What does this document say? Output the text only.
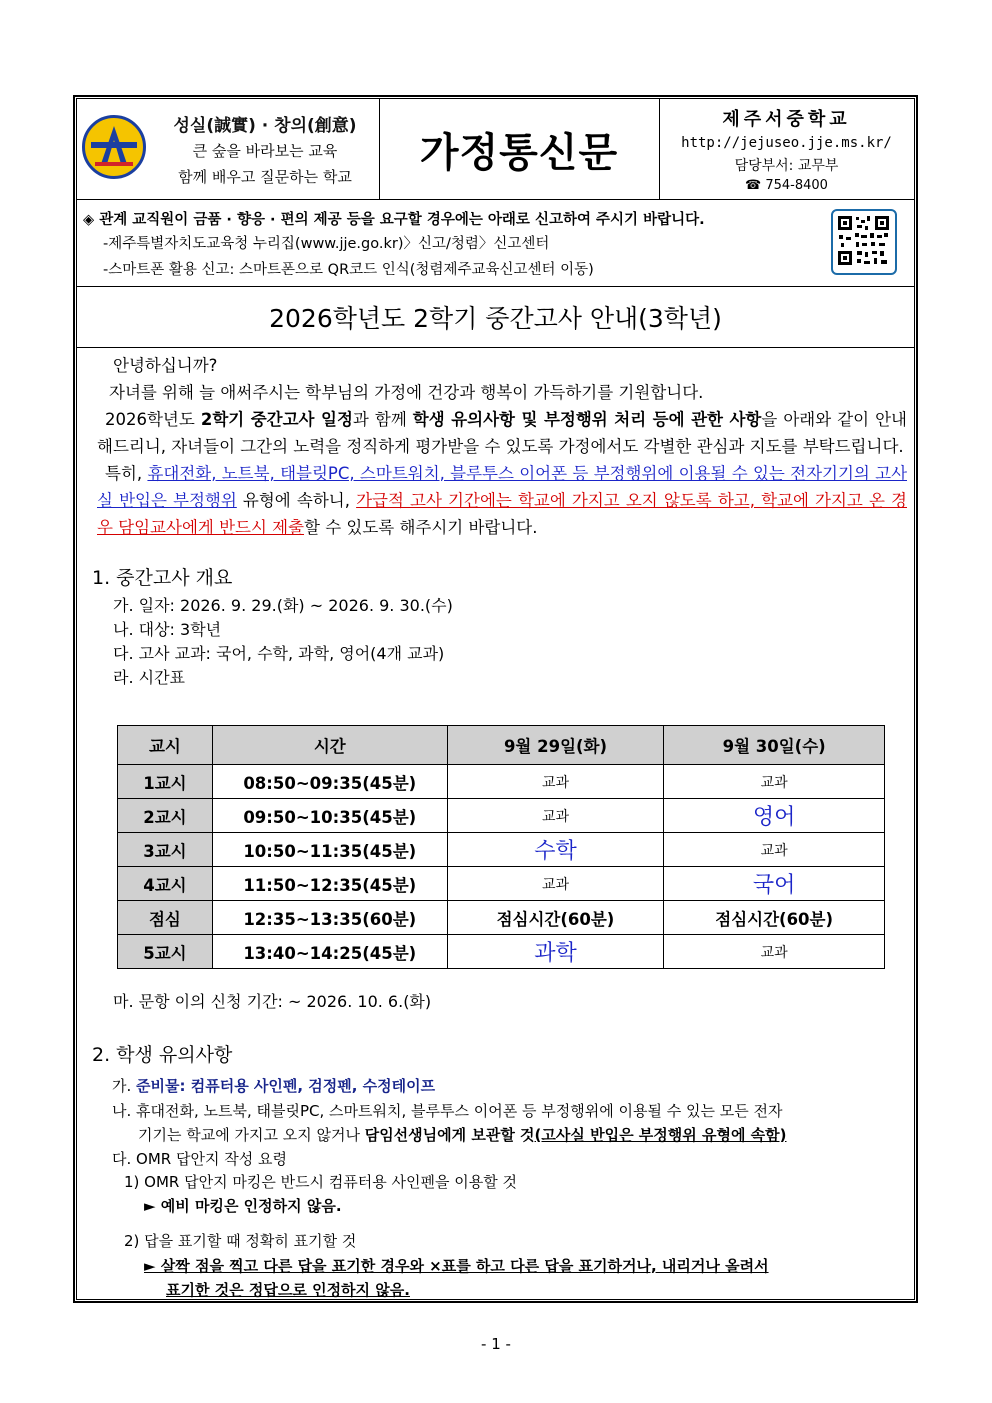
성실(誠實) · 창의(創意)
큰 숲을 바라보는 교육
함께 배우고 질문하는 학교
가정통신문
제주서중학교
http://jejuseo.jje.ms.kr/
담당부서: 교무부
☎ 754-8400
◈ 관계 교직원이 금품 · 향응 · 편의 제공 등을 요구할 경우에는 아래로 신고하여 주시기 바랍니다.
-제주특별자치도교육청 누리집(www.jje.go.kr)〉신고/청렴〉신고센터
-스마트폰 활용 신고: 스마트폰으로 QR코드 인식(청렴제주교육신고센터 이동)
2026학년도 2학기 중간고사 안내(3학년)
안녕하십니까?
자녀를 위해 늘 애써주시는 학부님의 가정에 건강과 행복이 가득하기를 기원합니다.
2026학년도 2학기 중간고사 일정과 함께 학생 유의사항 및 부정행위 처리 등에 관한 사항을 아래와 같이 안내해드리니, 자녀들이 그간의 노력을 정직하게 평가받을 수 있도록 가정에서도 각별한 관심과 지도를 부탁드립니다.
특히, 휴대전화, 노트북, 태블릿PC, 스마트워치, 블루투스 이어폰 등 부정행위에 이용될 수 있는 전자기기의 고사실 반입은 부정행위 유형에 속하니, 가급적 고사 기간에는 학교에 가지고 오지 않도록 하고, 학교에 가지고 온 경우 담임교사에게 반드시 제출할 수 있도록 해주시기 바랍니다.
1. 중간고사 개요
가. 일자: 2026. 9. 29.(화) ~ 2026. 9. 30.(수)
나. 대상: 3학년
다. 고사 교과: 국어, 수학, 과학, 영어(4개 교과)
라. 시간표
교시	시간	9월 29일(화)	9월 30일(수)
1교시	08:50~09:35(45분)	교과	교과
2교시	09:50~10:35(45분)	교과	영어
3교시	10:50~11:35(45분)	수학	교과
4교시	11:50~12:35(45분)	교과	국어
점심	12:35~13:35(60분)	점심시간(60분)	점심시간(60분)
5교시	13:40~14:25(45분)	과학	교과
마. 문항 이의 신청 기간: ~ 2026. 10. 6.(화)
2. 학생 유의사항
가. 준비물: 컴퓨터용 사인펜, 검정펜, 수정테이프
나. 휴대전화, 노트북, 태블릿PC, 스마트워치, 블루투스 이어폰 등 부정행위에 이용될 수 있는 모든 전자
기기는 학교에 가지고 오지 않거나 담임선생님에게 보관할 것(고사실 반입은 부정행위 유형에 속함)
다. OMR 답안지 작성 요령
1) OMR 답안지 마킹은 반드시 컴퓨터용 사인펜을 이용할 것
► 예비 마킹은 인정하지 않음.
2) 답을 표기할 때 정확히 표기할 것
► 살짝 점을 찍고 다른 답을 표기한 경우와 ×표를 하고 다른 답을 표기하거나, 내리거나 올려서
표기한 것은 정답으로 인정하지 않음.
- 1 -
